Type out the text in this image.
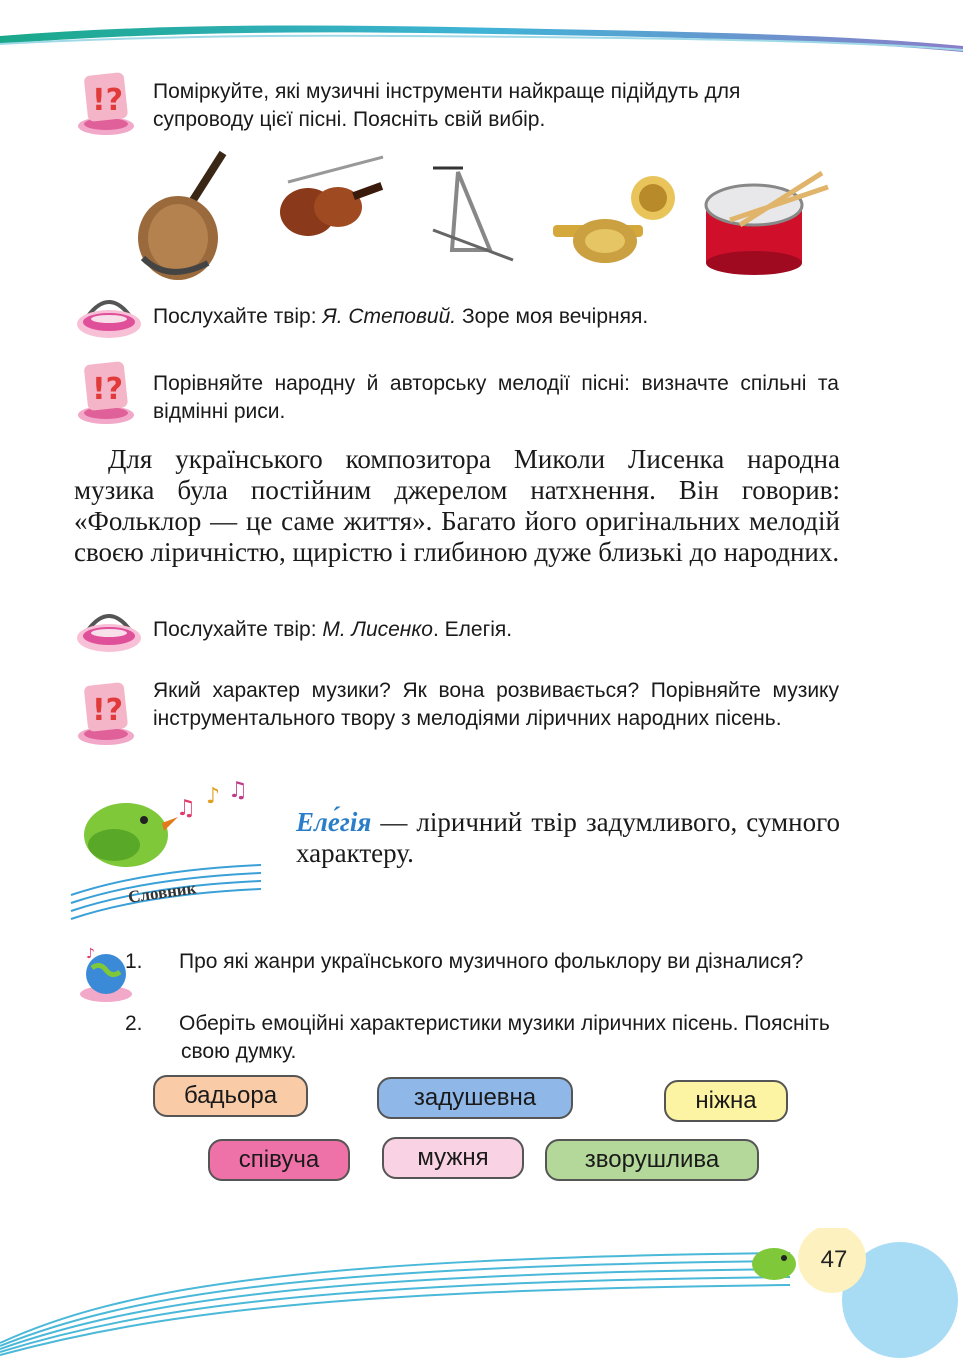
!? Поміркуйте, які музичні інструменти найкраще підійдуть для супроводу цієї пісні. Поясніть свій вибір.
Послухайте твір: Я. Степовий. Зоре моя вечірняя.
!? Порівняйте народну й авторську мелодії пісні: визначте спільні та відмінні риси.
Для українського композитора Миколи Лисенка народна музика була постійним джерелом натхнення. Він говорив: «Фольклор — це саме життя». Багато його оригінальних мелодій своєю ліричністю, щирістю і глибиною дуже близькі до народних.
Послухайте твір: М. Лисенко. Елегія.
!?
Який характер музики? Як вона розвивається? Порівняйте музику інструментального твору з мелодіями ліричних народних пісень.
♫ ♪ ♫
Словник
Еле́гія — ліричний твір задумливого, сумного характеру.
♪ 1. Про які жанри українського музичного фольклору ви дізналися?
2. Оберіть емоційні характеристики музики ліричних пісень. Поясніть свою думку.
бадьора	задушевна	ніжна
співуча	мужня	зворушлива
47
